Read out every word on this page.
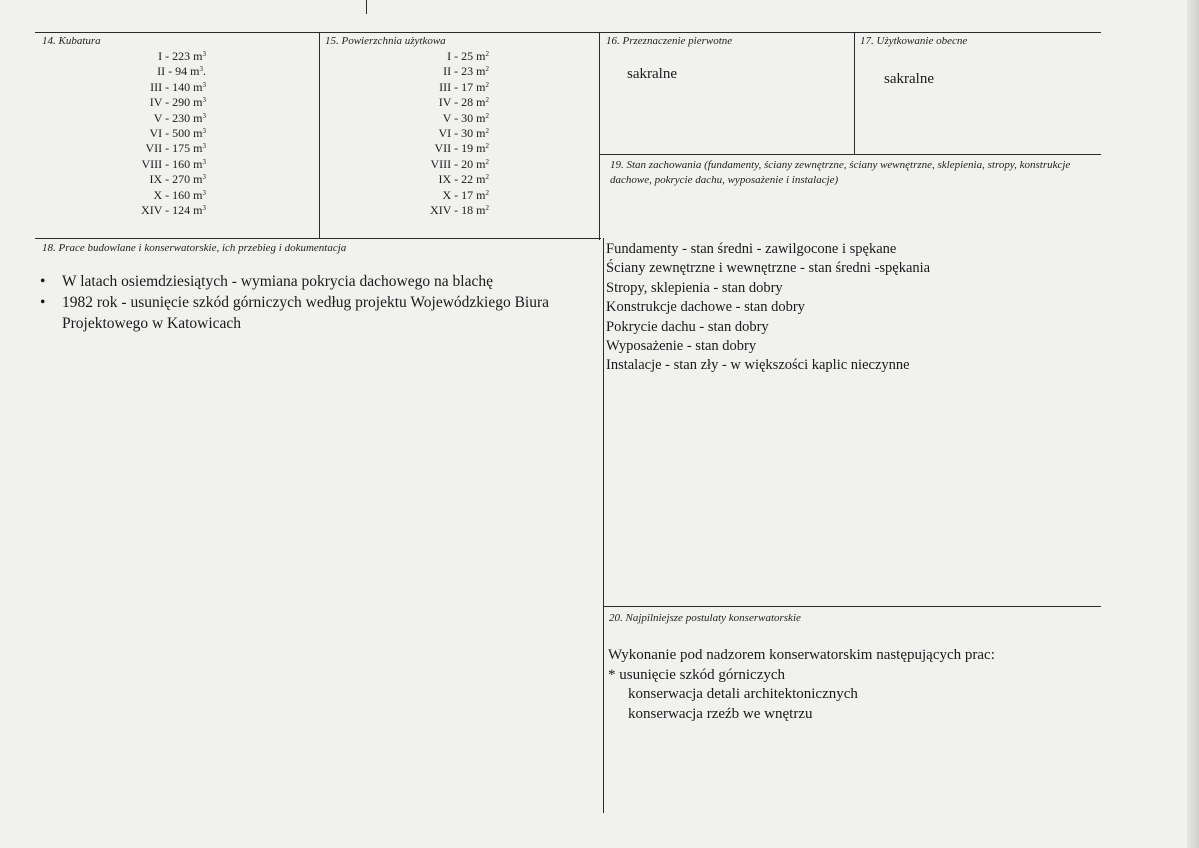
14. Kubatura
I - 223 $m^3$
II - 94 $m^3$.
III - 140 $m^3$
IV - 290 $m^3$
V - 230 $m^3$
VI - 500 $m^3$
VII - 175 $m^3$
VIII - 160 $m^3$
IX - 270 $m^3$
X - 160 $m^3$
XIV - 124 $m^3$
15. Powierzchnia użytkowa
I - 25 $m^2$
II - 23 $m^2$
III - 17 $m^2$
IV - 28 $m^2$
V - 30 $m^2$
VI - 30 $m^2$
VII - 19 $m^2$
VIII - 20 $m^2$
IX - 22 $m^2$
X - 17 $m^2$
XIV - 18 $m^2$
16. Przeznaczenie pierwotne
sakralne
17. Użytkowanie obecne
sakralne
19. Stan zachowania (fundamenty, ściany zewnętrzne, ściany wewnętrzne, sklepienia, stropy, konstrukcje dachowe, pokrycie dachu, wyposażenie i instalacje)
Fundamenty - stan średni - zawilgocone i spękane
Ściany zewnętrzne i wewnętrzne - stan średni -spękania
Stropy, sklepienia - stan dobry
Konstrukcje dachowe - stan dobry
Pokrycie dachu - stan dobry
Wyposażenie - stan dobry
Instalacje - stan zły - w większości kaplic nieczynne
18. Prace budowlane i konserwatorskie, ich przebieg i dokumentacja
• W latach osiemdziesiątych - wymiana pokrycia dachowego na blachę
• 1982 rok - usunięcie szkód górniczych według projektu Wojewódzkiego Biura Projektowego w Katowicach
20. Najpilniejsze postulaty konserwatorskie
Wykonanie pod nadzorem konserwatorskim następujących prac:
* usunięcie szkód górniczych
konserwacja detali architektonicznych
konserwacja rzeźb we wnętrzu
